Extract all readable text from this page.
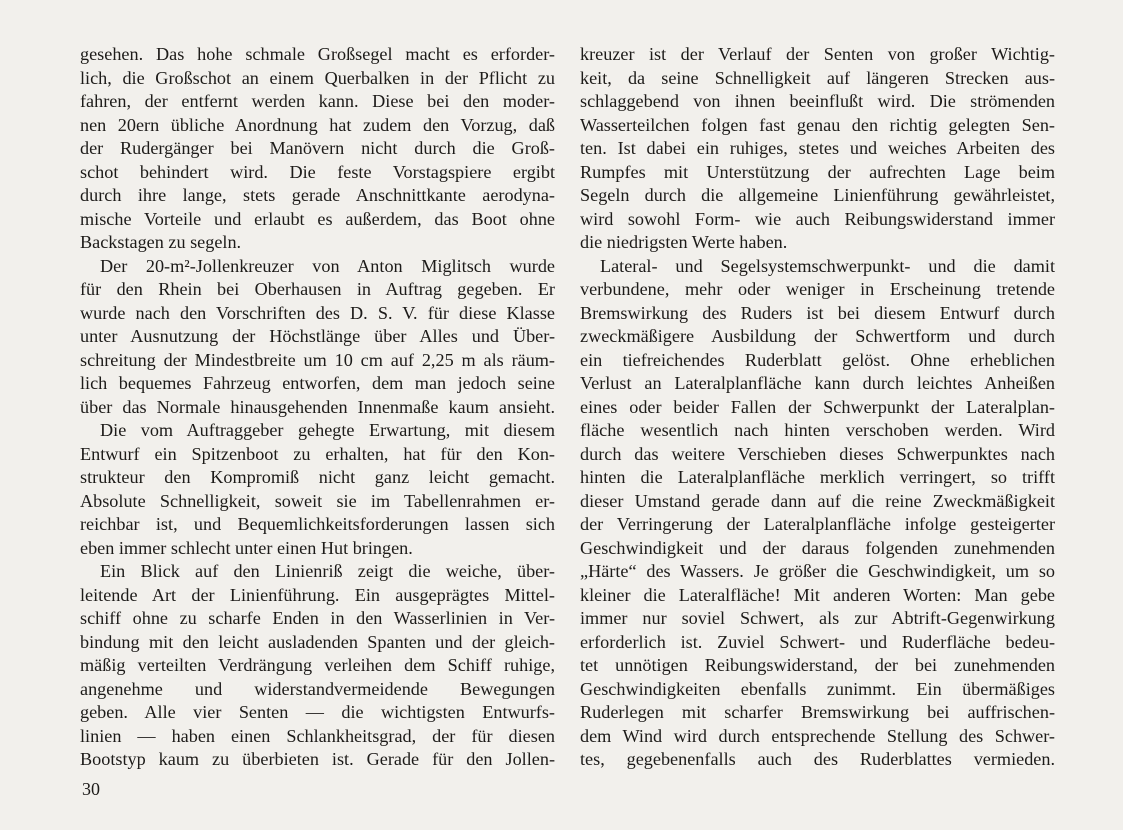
gesehen. Das hohe schmale Großsegel macht es erforder-
lich, die Großschot an einem Querbalken in der Pflicht zu
fahren, der entfernt werden kann. Diese bei den moder-
nen 20ern übliche Anordnung hat zudem den Vorzug, daß
der Rudergänger bei Manövern nicht durch die Groß-
schot behindert wird. Die feste Vorstagspiere ergibt
durch ihre lange, stets gerade Anschnittkante aerodyna-
mische Vorteile und erlaubt es außerdem, das Boot ohne
Backstagen zu segeln.
Der 20-m²-Jollenkreuzer von Anton Miglitsch wurde
für den Rhein bei Oberhausen in Auftrag gegeben. Er
wurde nach den Vorschriften des D. S. V. für diese Klasse
unter Ausnutzung der Höchstlänge über Alles und Über-
schreitung der Mindestbreite um 10 cm auf 2,25 m als räum-
lich bequemes Fahrzeug entworfen, dem man jedoch seine
über das Normale hinausgehenden Innenmaße kaum ansieht.
Die vom Auftraggeber gehegte Erwartung, mit diesem
Entwurf ein Spitzenboot zu erhalten, hat für den Kon-
strukteur den Kompromiß nicht ganz leicht gemacht.
Absolute Schnelligkeit, soweit sie im Tabellenrahmen er-
reichbar ist, und Bequemlichkeitsforderungen lassen sich
eben immer schlecht unter einen Hut bringen.
Ein Blick auf den Linienriß zeigt die weiche, über-
leitende Art der Linienführung. Ein ausgeprägtes Mittel-
schiff ohne zu scharfe Enden in den Wasserlinien in Ver-
bindung mit den leicht ausladenden Spanten und der gleich-
mäßig verteilten Verdrängung verleihen dem Schiff ruhige,
angenehme und widerstandvermeidende Bewegungen
geben. Alle vier Senten — die wichtigsten Entwurfs-
linien — haben einen Schlankheitsgrad, der für diesen
Bootstyp kaum zu überbieten ist. Gerade für den Jollen-
kreuzer ist der Verlauf der Senten von großer Wichtig-
keit, da seine Schnelligkeit auf längeren Strecken aus-
schlaggebend von ihnen beeinflußt wird. Die strömenden
Wasserteilchen folgen fast genau den richtig gelegten Sen-
ten. Ist dabei ein ruhiges, stetes und weiches Arbeiten des
Rumpfes mit Unterstützung der aufrechten Lage beim
Segeln durch die allgemeine Linienführung gewährleistet,
wird sowohl Form- wie auch Reibungswiderstand immer
die niedrigsten Werte haben.
Lateral- und Segelsystemschwerpunkt- und die damit
verbundene, mehr oder weniger in Erscheinung tretende
Bremswirkung des Ruders ist bei diesem Entwurf durch
zweckmäßigere Ausbildung der Schwertform und durch
ein tiefreichendes Ruderblatt gelöst. Ohne erheblichen
Verlust an Lateralplanfläche kann durch leichtes Anheißen
eines oder beider Fallen der Schwerpunkt der Lateralplan-
fläche wesentlich nach hinten verschoben werden. Wird
durch das weitere Verschieben dieses Schwerpunktes nach
hinten die Lateralplanfläche merklich verringert, so trifft
dieser Umstand gerade dann auf die reine Zweckmäßigkeit
der Verringerung der Lateralplanfläche infolge gesteigerter
Geschwindigkeit und der daraus folgenden zunehmenden
„Härte“ des Wassers. Je größer die Geschwindigkeit, um so
kleiner die Lateralfläche! Mit anderen Worten: Man gebe
immer nur soviel Schwert, als zur Abtrift-Gegenwirkung
erforderlich ist. Zuviel Schwert- und Ruderfläche bedeu-
tet unnötigen Reibungswiderstand, der bei zunehmenden
Geschwindigkeiten ebenfalls zunimmt. Ein übermäßiges
Ruderlegen mit scharfer Bremswirkung bei auffrischen-
dem Wind wird durch entsprechende Stellung des Schwer-
tes, gegebenenfalls auch des Ruderblattes vermieden.
30
